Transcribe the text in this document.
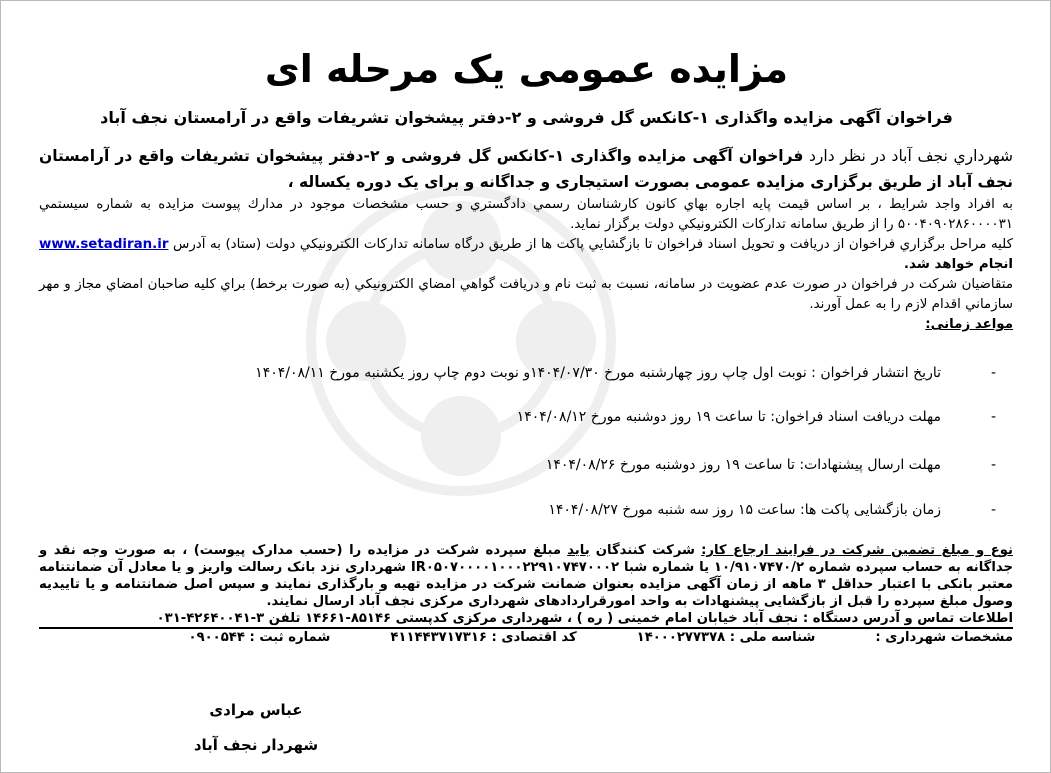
مزایده عمومی یک مرحله ای
فراخوان آگهی مزایده واگذاری ۱-کانکس گل فروشی و ۲-دفتر پیشخوان تشریفات واقع در آرامستان نجف آباد

شهرداري نجف آباد در نظر دارد فراخوان آگهی مزایده واگذاری ۱-کانکس گل فروشی و ۲-دفتر پیشخوان تشریفات واقع در آرامستان نجف آباد از طریق برگزاری مزایده عمومی بصورت استیجاری و جداگانه و برای یک دوره یکساله ،

به افراد واجد شرایط ، بر اساس قیمت پایه اجاره بهاي كانون كارشناسان رسمي دادگستري و حسب مشخصات موجود در مدارك پيوست مزايده به شماره سيستمي ۵۰۰۴۰۹۰۲۸۶۰۰۰۰۳۱ را از طريق سامانه تداركات الكترونيكي دولت برگزار نمايد.

كليه مراحل برگزاري فراخوان از دريافت و تحويل اسناد فراخوان تا بازگشايي پاكت ها از طريق درگاه سامانه تداركات الكترونيكي دولت (ستاد) به آدرس www.setadiran.ir انجام خواهد شد.

متقاضيان شركت در فراخوان در صورت عدم عضويت در سامانه، نسبت به ثبت نام و دريافت گواهي امضاي الكترونيكي (به صورت برخط) براي كليه صاحبان امضاي مجاز و مهر سازماني اقدام لازم را به عمل آورند.

مواعد زمانی:

-
تاریخ انتشار فراخوان : نوبت اول چاپ روز چهارشنبه مورخ ۱۴۰۴/۰۷/۳۰و نوبت دوم چاپ روز یکشنبه مورخ ۱۴۰۴/۰۸/۱۱
-
مهلت دریافت اسناد فراخوان: تا ساعت ۱۹ روز دوشنبه مورخ ۱۴۰۴/۰۸/۱۲
-
مهلت ارسال پیشنهادات: تا ساعت ۱۹ روز دوشنبه مورخ ۱۴۰۴/۰۸/۲۶
-
زمان بازگشایی پاکت ها: ساعت ۱۵ روز سه شنبه مورخ ۱۴۰۴/۰۸/۲۷

نوع و مبلغ تضمین شرکت در فرایند ارجاع کار: شرکت کنندگان باید مبلغ سپرده شرکت در مزایده را (حسب مدارک پیوست) ، به صورت وجه نقد و جداگانه به حساب سپرده شماره ۱۰/۹۱۰۷۴۷۰/۲ یا شماره شبا IR۰۵۰۷۰۰۰۰۱۰۰۰۲۲۹۱۰۷۴۷۰۰۰۲ شهرداری نزد بانک رسالت واریز و یا معادل آن ضمانتنامه معتبر بانکی با اعتبار حداقل ۳ ماهه از زمان آگهی مزایده بعنوان ضمانت شرکت در مزایده تهیه و بارگذاری نمایند و سپس اصل ضمانتنامه و یا تاییدیه وصول مبلغ سپرده را قبل از بازگشایی پیشنهادات به واحد امورقراردادهای شهرداری مرکزی نجف آباد ارسال نمایند.

اطلاعات تماس و آدرس دستگاه : نجف آباد خیابان امام خمینی ( ره ) ، شهرداری مرکزی کدپستی ۸۵۱۴۶-۱۴۶۶۱ تلفن ۳-۴۲۶۴۰۰۴۱-۰۳۱

مشخصات شهرداری :
شناسه ملی : ۱۴۰۰۰۲۷۷۳۷۸
کد اقتصادی : ۴۱۱۴۴۳۷۱۷۳۱۶
شماره ثبت : ۰۹۰۰۵۴۴

عباس مرادی
شهردار نجف آباد
